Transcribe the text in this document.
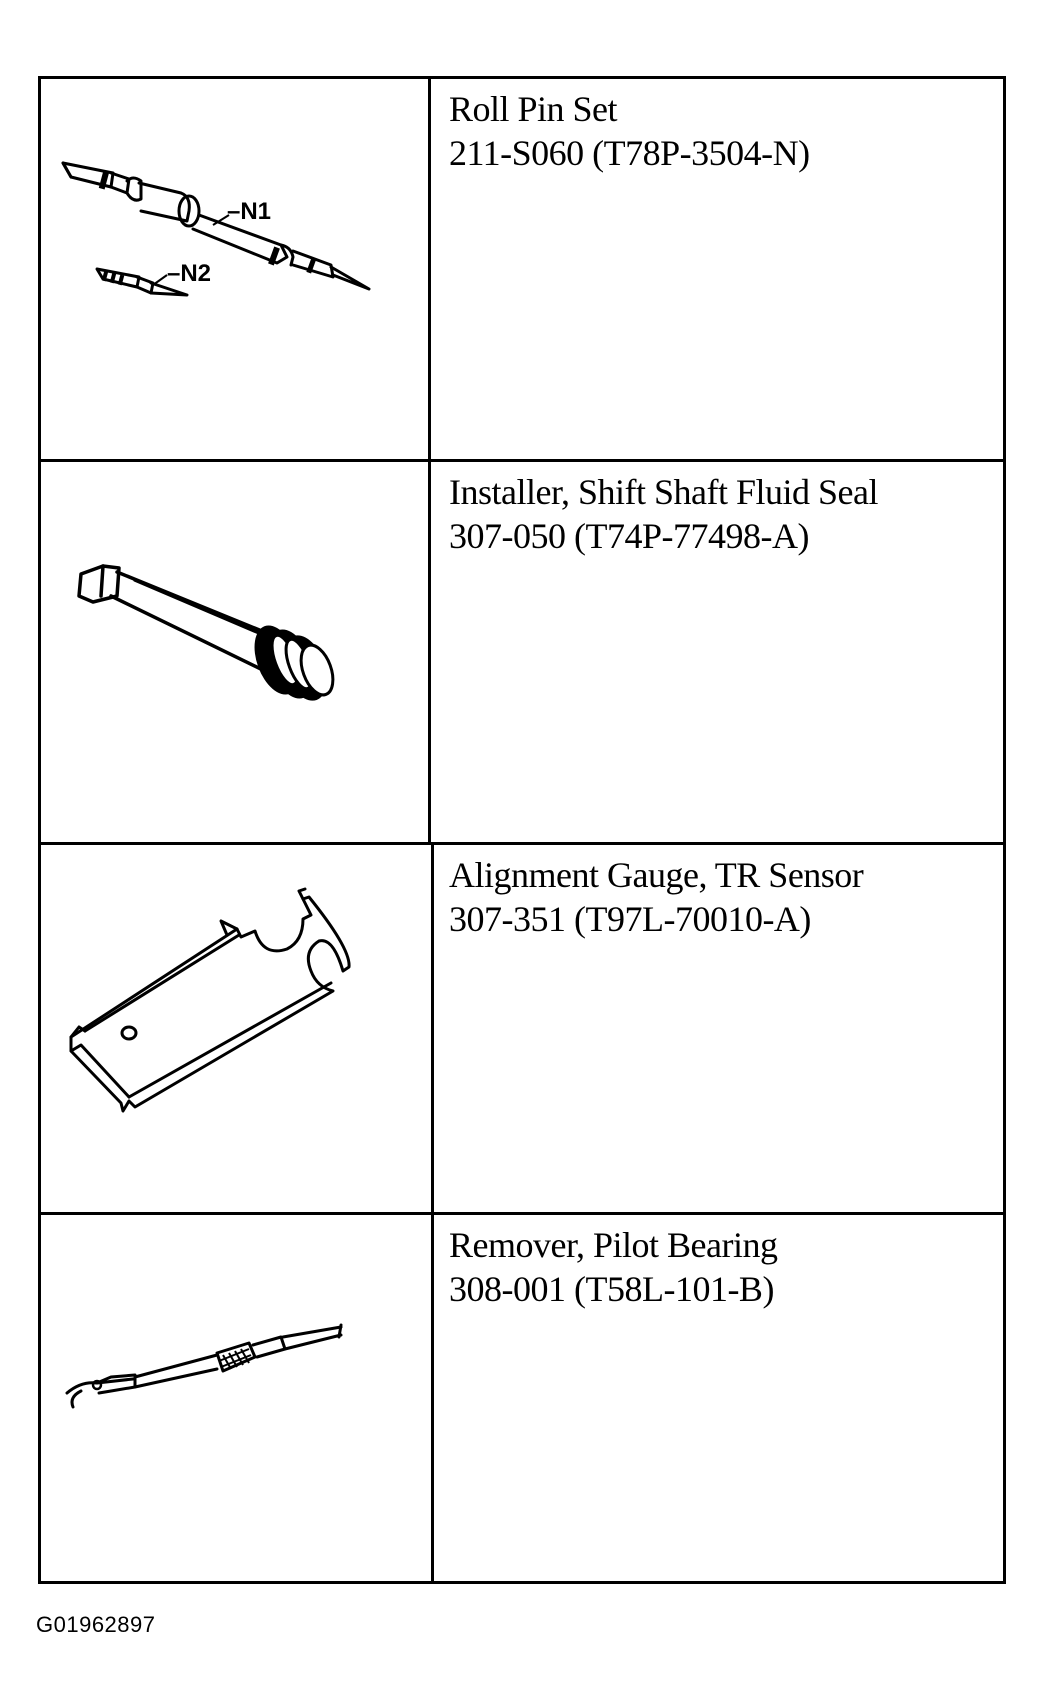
–N1
–N2
Roll Pin Set
211-S060 (T78P-3504-N)
Installer, Shift Shaft Fluid Seal
307-050 (T74P-77498-A)
Alignment Gauge, TR Sensor
307-351 (T97L-70010-A)
Remover, Pilot Bearing
308-001 (T58L-101-B)
G01962897
